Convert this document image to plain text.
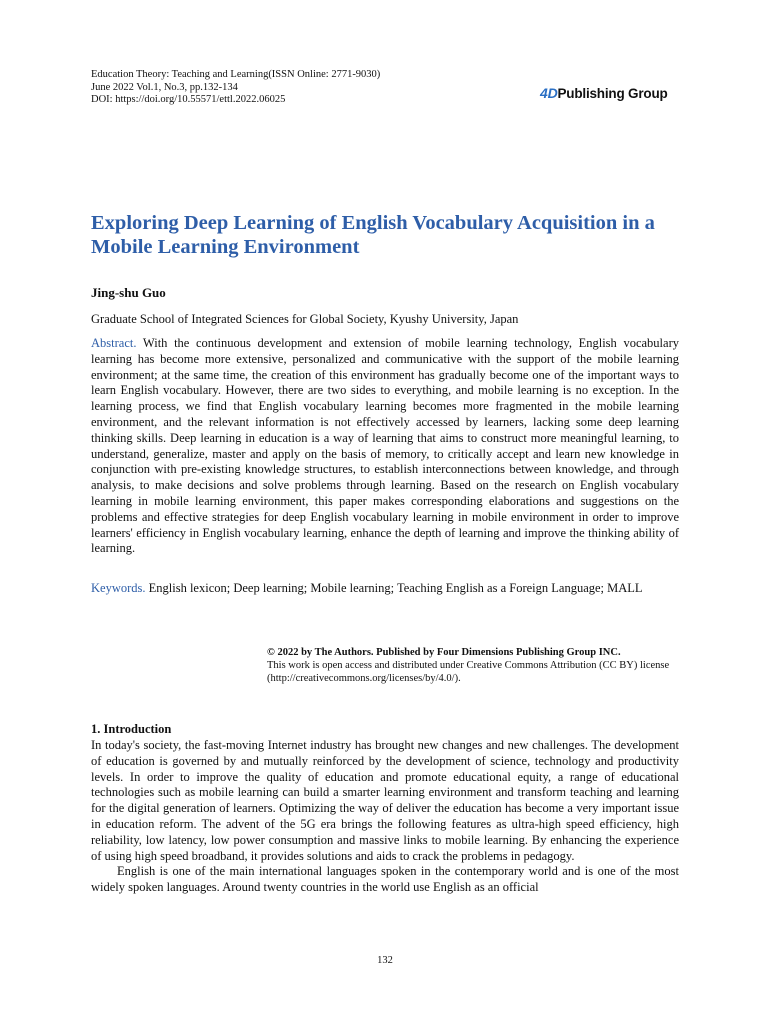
Education Theory: Teaching and Learning(ISSN Online: 2771-9030)
June 2022 Vol.1, No.3, pp.132-134
DOI: https://doi.org/10.55571/ettl.2022.06025	4D Publishing Group
Exploring Deep Learning of English Vocabulary Acquisition in a Mobile Learning Environment
Jing-shu Guo
Graduate School of Integrated Sciences for Global Society, Kyushy University, Japan

Abstract. With the continuous development and extension of mobile learning technology, English vocabulary learning has become more extensive, personalized and communicative with the support of the mobile learning environment; at the same time, the creation of this environment has gradually become one of the important ways to learn English vocabulary. However, there are two sides to everything, and mobile learning is no exception. In the learning process, we find that English vocabulary learning becomes more fragmented in the mobile learning environment, and the relevant information is not effectively accessed by learners, lacking some deep learning thinking skills. Deep learning in education is a way of learning that aims to construct more meaningful learning, to understand, generalize, master and apply on the basis of memory, to critically accept and learn new knowledge in conjunction with pre-existing knowledge structures, to establish interconnections between knowledge, and through analysis, to make decisions and solve problems through learning. Based on the research on English vocabulary learning in mobile learning environment, this paper makes corresponding elaborations and suggestions on the problems and effective strategies for deep English vocabulary learning in mobile environment in order to improve learners' efficiency in English vocabulary learning, enhance the depth of learning and improve the thinking ability of learning.

Keywords. English lexicon; Deep learning; Mobile learning; Teaching English as a Foreign Language; MALL

© 2022 by The Authors. Published by Four Dimensions Publishing Group INC.

This work is open access and distributed under Creative Commons Attribution (CC BY) license (http://creativecommons.org/licenses/by/4.0/).

1. Introduction

In today's society, the fast-moving Internet industry has brought new changes and new challenges. The development of education is governed by and mutually reinforced by the development of science, technology and productivity levels. In order to improve the quality of education and promote educational equity, a range of educational technologies such as mobile learning can build a smarter learning environment and transform teaching and learning for the digital generation of learners. Optimizing the way of deliver the education has become a very important issue in education reform. The advent of the 5G era brings the following features as ultra-high speed efficiency, high reliability, low latency, low power consumption and massive links to mobile learning. By enhancing the experience of using high speed broadband, it provides solutions and aids to crack the problems in pedagogy.

English is one of the main international languages spoken in the contemporary world and is one of the most widely spoken languages. Around twenty countries in the world use English as an official

132
